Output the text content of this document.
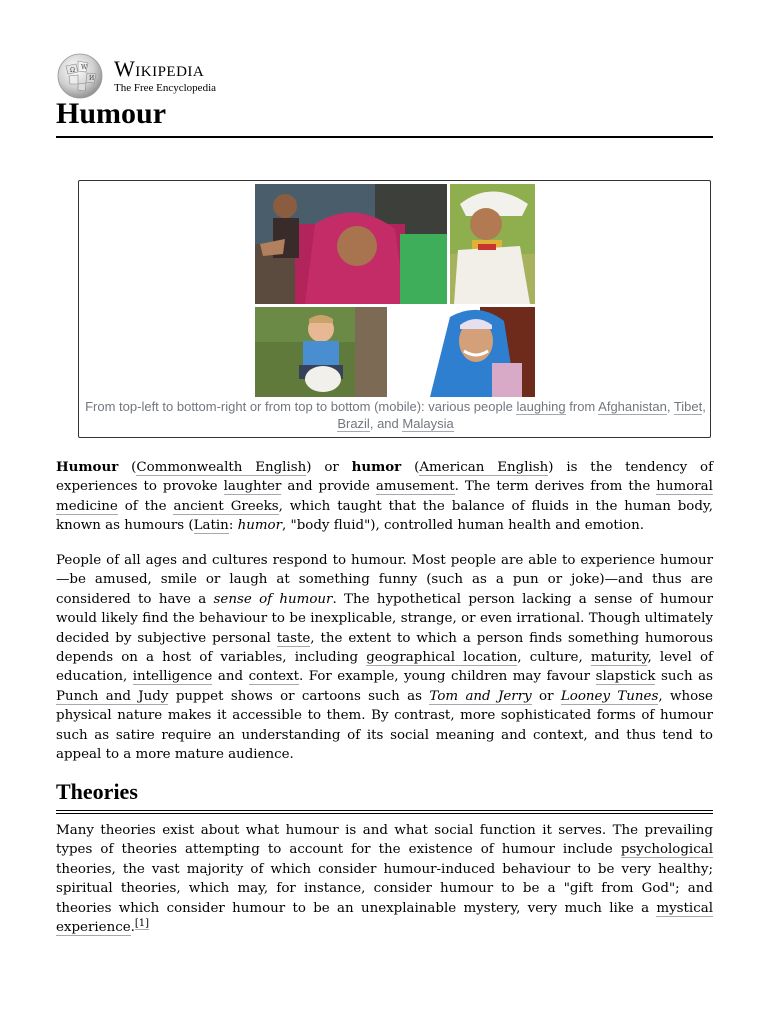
Ω W
И Wikipedia
The Free Encyclopedia
Humour
From top-left to bottom-right or from top to bottom (mobile): various people laughing from Afghanistan, Tibet,
Brazil, and Malaysia

Humour (Commonwealth English) or humor (American English) is the tendency of experiences to provoke laughter and provide amusement. The term derives from the humoral medicine of the ancient Greeks, which taught that the balance of fluids in the human body, known as humours (Latin: humor, "body fluid"), controlled human health and emotion.

People of all ages and cultures respond to humour. Most people are able to experience humour—be amused, smile or laugh at something funny (such as a pun or joke)—and thus are considered to have a sense of humour. The hypothetical person lacking a sense of humour would likely find the behaviour to be inexplicable, strange, or even irrational. Though ultimately decided by subjective personal taste, the extent to which a person finds something humorous depends on a host of variables, including geographical location, culture, maturity, level of education, intelligence and context. For example, young children may favour slapstick such as Punch and Judy puppet shows or cartoons such as Tom and Jerry or Looney Tunes, whose physical nature makes it accessible to them. By contrast, more sophisticated forms of humour such as satire require an understanding of its social meaning and context, and thus tend to appeal to a more mature audience.

Theories

Many theories exist about what humour is and what social function it serves. The prevailing types of theories attempting to account for the existence of humour include psychological theories, the vast majority of which consider humour-induced behaviour to be very healthy; spiritual theories, which may, for instance, consider humour to be a "gift from God"; and theories which consider humour to be an unexplainable mystery, very much like a mystical experience.[1]
